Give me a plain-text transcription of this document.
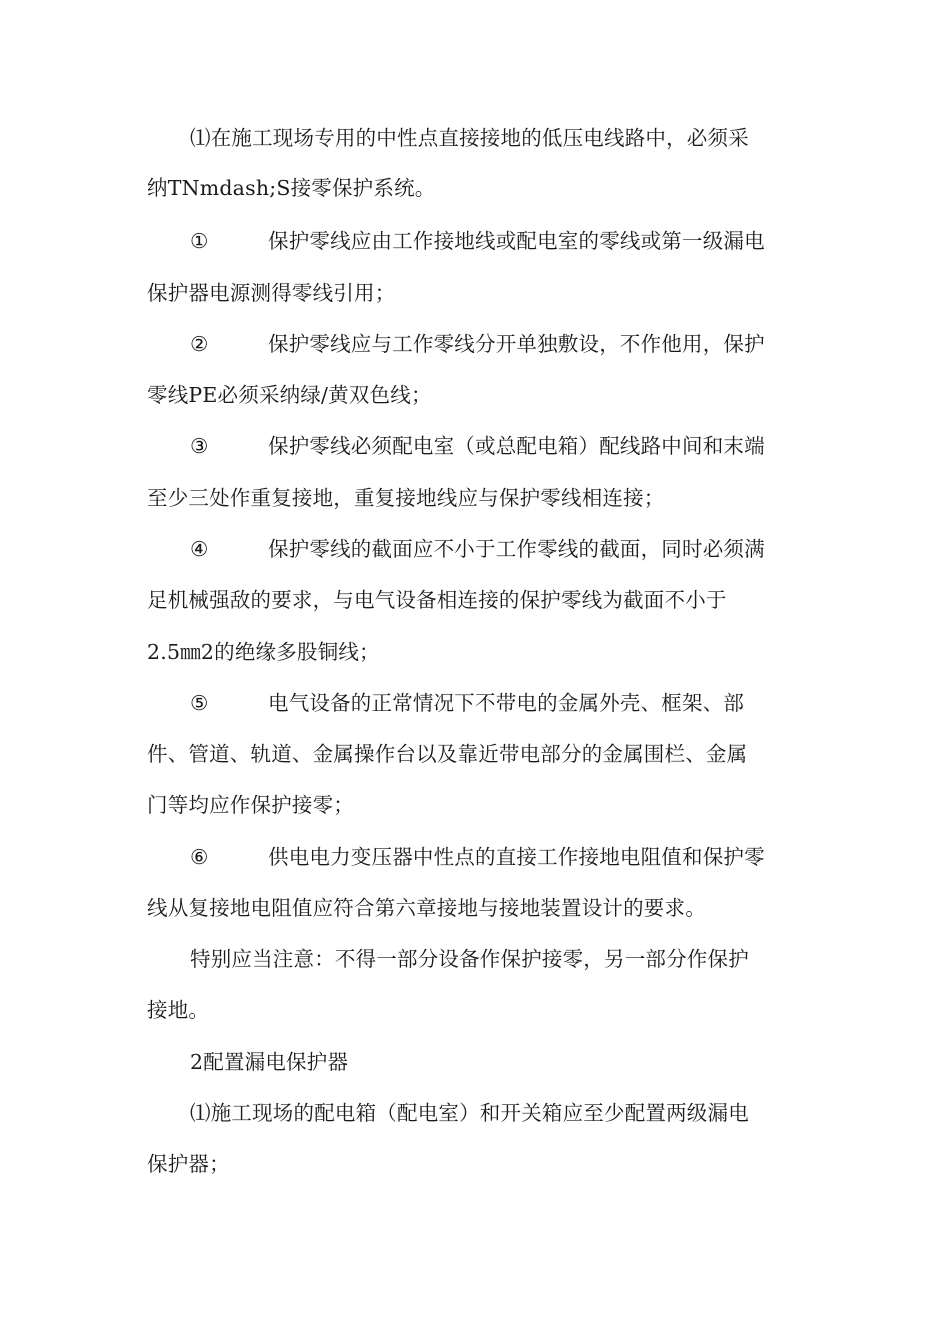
⑴在施工现场专用的中性点直接接地的低压电线路中，必须采
纳TNmdash;S接零保护系统。
①	保护零线应由工作接地线或配电室的零线或第一级漏电
保护器电源测得零线引用；
②	保护零线应与工作零线分开单独敷设，不作他用，保护
零线PE必须采纳绿/黄双色线；
③	保护零线必须配电室（或总配电箱）配线路中间和末端
至少三处作重复接地，重复接地线应与保护零线相连接；
④	保护零线的截面应不小于工作零线的截面，同时必须满
足机械强敌的要求，与电气设备相连接的保护零线为截面不小于
2.5㎜2的绝缘多股铜线；
⑤	电气设备的正常情况下不带电的金属外壳、框架、部
件、管道、轨道、金属操作台以及靠近带电部分的金属围栏、金属
门等均应作保护接零；
⑥	供电电力变压器中性点的直接工作接地电阻值和保护零
线从复接地电阻值应符合第六章接地与接地装置设计的要求。
特别应当注意：不得一部分设备作保护接零，另一部分作保护
接地。
2配置漏电保护器
⑴施工现场的配电箱（配电室）和开关箱应至少配置两级漏电
保护器；
